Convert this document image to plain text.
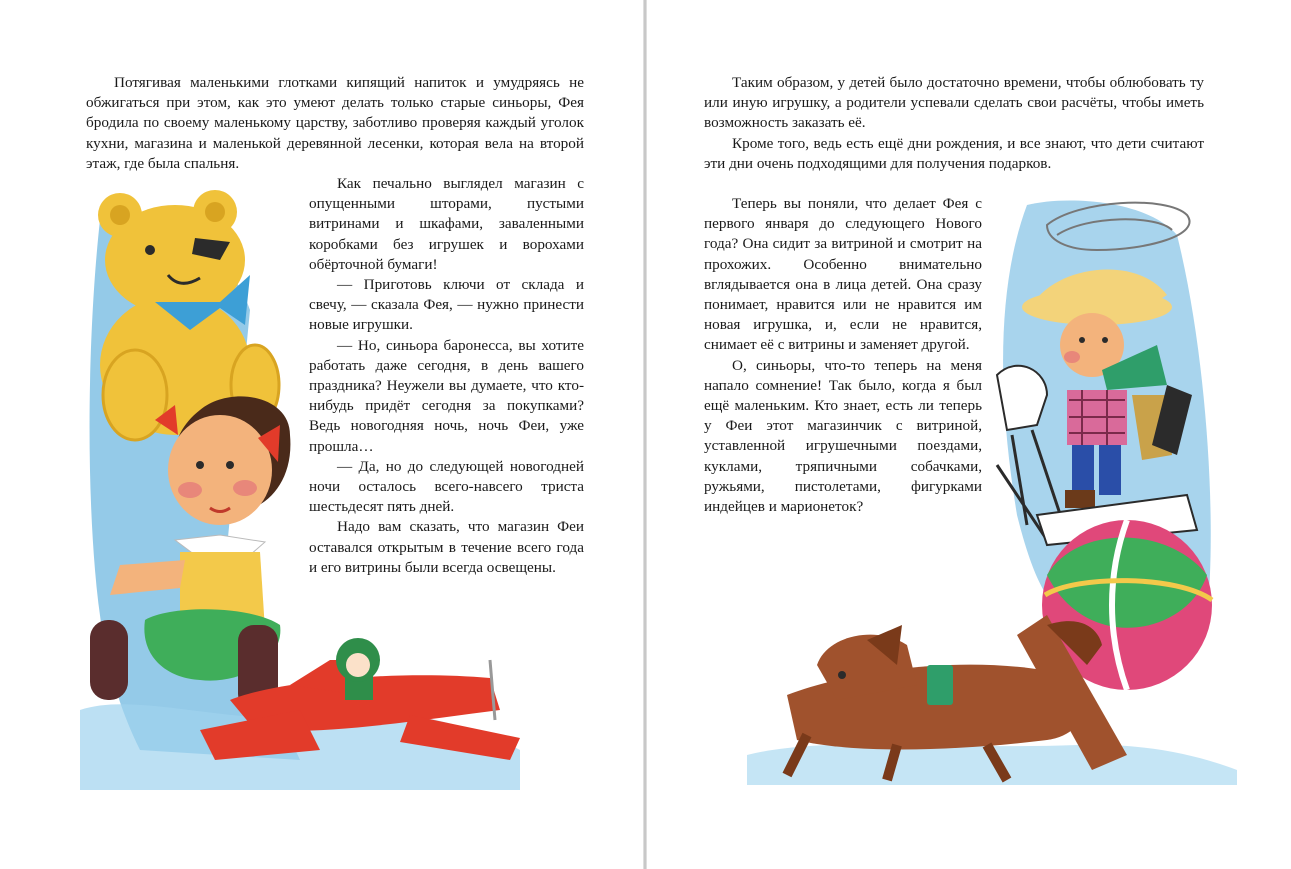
Потягивая маленькими глотками кипящий напиток и умудряясь не обжигаться при этом, как это умеют делать только старые синьоры, Фея бродила по своему маленькому царству, заботливо проверяя каждый уголок кухни, магазина и маленькой деревянной лесенки, которая вела на второй этаж, где была спальня.

Как печально выглядел магазин с опущенными шторами, пустыми витринами и шкафами, заваленными коробками без игрушек и ворохами обёрточной бумаги!

— Приготовь ключи от склада и свечу, — сказала Фея, — нужно принести новые игрушки.

— Но, синьора баронесса, вы хотите работать даже сегодня, в день вашего праздника? Неужели вы думаете, что кто-нибудь придёт сегодня за покупками? Ведь новогодняя ночь, ночь Феи, уже прошла…

— Да, но до следующей новогодней ночи осталось всего-навсего триста шестьдесят пять дней.

Надо вам сказать, что магазин Феи оставался открытым в течение всего года и его витрины были всегда освещены.

Таким образом, у детей было достаточно времени, чтобы облюбовать ту или иную игрушку, а родители успевали сделать свои расчёты, чтобы иметь возможность заказать её.

Кроме того, ведь есть ещё дни рождения, и все знают, что дети считают эти дни очень подходящими для получения подарков.

Теперь вы поняли, что делает Фея с первого января до следующего Нового года? Она сидит за витриной и смотрит на прохожих. Особенно внимательно вглядывается она в лица детей. Она сразу понимает, нравится или не нравится им новая игрушка, и, если не нравится, снимает её с витрины и заменяет другой.

О, синьоры, что-то теперь на меня напало сомнение! Так было, когда я был ещё маленьким. Кто знает, есть ли теперь у Феи этот магазинчик с витриной, уставленной игрушечными поездами, куклами, тряпичными собачками, ружьями, пистолетами, фигурками индейцев и марионеток?
